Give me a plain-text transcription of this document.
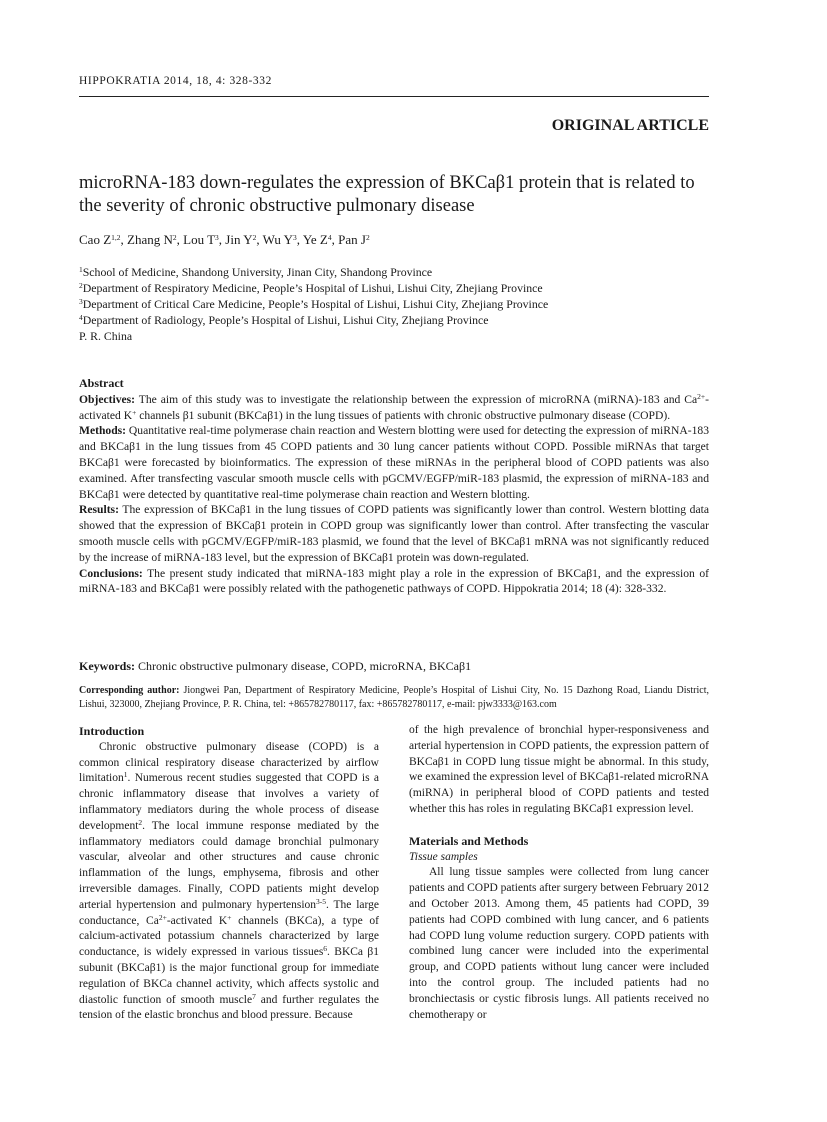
HIPPOKRATIA 2014, 18, 4: 328-332
ORIGINAL ARTICLE
microRNA-183 down-regulates the expression of BKCaβ1 protein that is related to the severity of chronic obstructive pulmonary disease
Cao Z$^{1,2}$, Zhang $N^2$, Lou $T^3$, Jin $Y^2$, Wu $Y^3$, Ye $Z^4$, Pan $J^2$
$^1$School of Medicine, Shandong University, Jinan City, Shandong Province
$^2$Department of Respiratory Medicine, People’s Hospital of Lishui, Lishui City, Zhejiang Province
$^3$Department of Critical Care Medicine, People’s Hospital of Lishui, Lishui City, Zhejiang Province
$^4$Department of Radiology, People’s Hospital of Lishui, Lishui City, Zhejiang Province
P. R. China

Abstract

Objectives: The aim of this study was to investigate the relationship between the expression of microRNA (miRNA)-183 and $Ca^{2+}$-activated K+ channels β1 subunit (BKCaβ1) in the lung tissues of patients with chronic obstructive pulmonary disease (COPD).

Methods: Quantitative real-time polymerase chain reaction and Western blotting were used for detecting the expression of miRNA-183 and BKCaβ1 in the lung tissues from 45 COPD patients and 30 lung cancer patients without COPD. Possible miRNAs that target BKCaβ1 were forecasted by bioinformatics. The expression of these miRNAs in the peripheral blood of COPD patients was also examined. After transfecting vascular smooth muscle cells with pGCMV/EGFP/miR-183 plasmid, the expression of miRNA-183 and BKCaβ1 were detected by quantitative real-time polymerase chain reaction and Western blotting.

Results: The expression of BKCaβ1 in the lung tissues of COPD patients was significantly lower than control. Western blotting data showed that the expression of BKCaβ1 protein in COPD group was significantly lower than control. After transfecting the vascular smooth muscle cells with pGCMV/EGFP/miR-183 plasmid, we found that the level of BKCaβ1 mRNA was not significantly reduced by the increase of miRNA-183 level, but the expression of BKCaβ1 protein was down-regulated.

Conclusions: The present study indicated that miRNA-183 might play a role in the expression of BKCaβ1, and the expression of miRNA-183 and BKCaβ1 were possibly related with the pathogenetic pathways of COPD. Hippokratia 2014; 18 (4): 328-332.

Keywords: Chronic obstructive pulmonary disease, COPD, microRNA, BKCaβ1
Corresponding author: Jiongwei Pan, Department of Respiratory Medicine, People’s Hospital of Lishui City, No. 15 Dazhong Road, Liandu District, Lishui, 323000, Zhejiang Province, P. R. China, tel: +865782780117, fax: +865782780117, e-mail: pjw3333@163.com

Introduction

Chronic obstructive pulmonary disease (COPD) is a common clinical respiratory disease characterized by airflow limitation$^1$. Numerous recent studies suggested that COPD is a chronic inflammatory disease that involves a variety of inflammatory mediators during the whole process of disease development$^2$. The local immune response mediated by the inflammatory mediators could damage bronchial pulmonary vascular, alveolar and other structures and cause chronic inflammation of the lungs, emphysema, fibrosis and other irreversible damages. Finally, COPD patients might develop arterial hypertension and pulmonary hypertension$^{3-5}$. The large conductance, $Ca^{2+}$-activated K+ channels (BKCa), a type of calcium-activated potassium channels characterized by large conductance, is widely expressed in various tissues$^6$. BKCa β1 subunit (BKCaβ1) is the major functional group for immediate regulation of BKCa channel activity, which affects systolic and diastolic function of smooth muscle$^7$ and further regulates the tension of the elastic bronchus and blood pressure. Because

of the high prevalence of bronchial hyper-responsiveness and arterial hypertension in COPD patients, the expression pattern of BKCaβ1 in COPD lung tissue might be abnormal. In this study, we examined the expression level of BKCaβ1-related microRNA (miRNA) in peripheral blood of COPD patients and tested whether this has roles in regulating BKCaβ1 expression level.

Materials and Methods

Tissue samples

All lung tissue samples were collected from lung cancer patients and COPD patients after surgery between February 2012 and October 2013. Among them, 45 patients had COPD, 39 patients had COPD combined with lung cancer, and 6 patients had COPD lung volume reduction surgery. COPD patients with combined lung cancer were included into the experimental group, and COPD patients without lung cancer were included into the control group. The included patients had no bronchiectasis or cystic fibrosis lungs. All patients received no chemotherapy or
